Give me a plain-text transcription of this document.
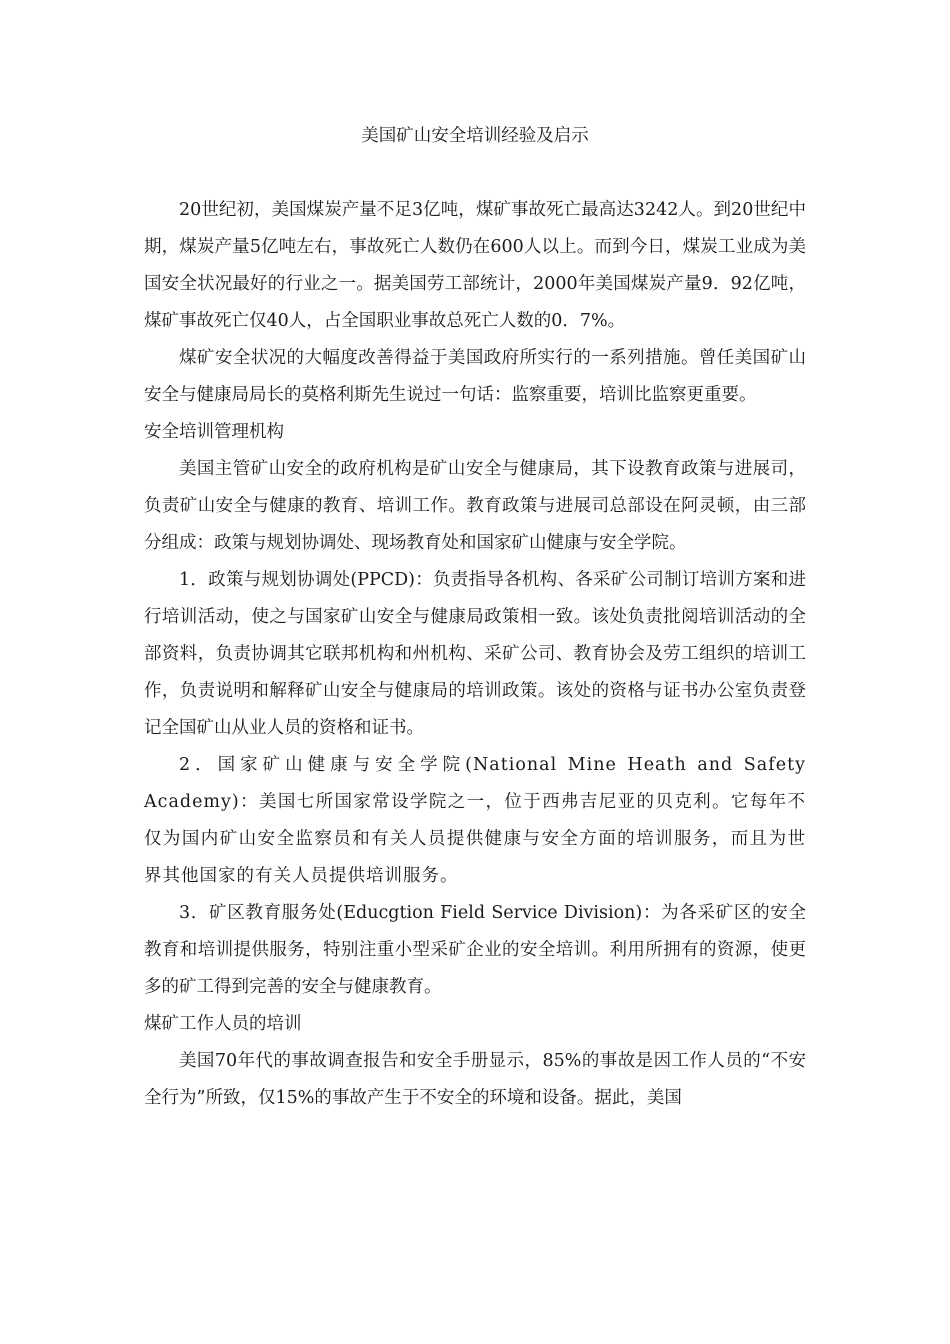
美国矿山安全培训经验及启示

20世纪初，美国煤炭产量不足3亿吨，煤矿事故死亡最高达3242人。到20世纪中期，煤炭产量5亿吨左右，事故死亡人数仍在600人以上。而到今日，煤炭工业成为美国安全状况最好的行业之一。据美国劳工部统计，2000年美国煤炭产量9．92亿吨，煤矿事故死亡仅40人，占全国职业事故总死亡人数的0．7%。

煤矿安全状况的大幅度改善得益于美国政府所实行的一系列措施。曾任美国矿山安全与健康局局长的莫格利斯先生说过一句话：监察重要，培训比监察更重要。

安全培训管理机构

美国主管矿山安全的政府机构是矿山安全与健康局，其下设教育政策与进展司，负责矿山安全与健康的教育、培训工作。教育政策与进展司总部设在阿灵顿，由三部分组成：政策与规划协调处、现场教育处和国家矿山健康与安全学院。

1．政策与规划协调处(PPCD)：负责指导各机构、各采矿公司制订培训方案和进行培训活动，使之与国家矿山安全与健康局政策相一致。该处负责批阅培训活动的全部资料，负责协调其它联邦机构和州机构、采矿公司、教育协会及劳工组织的培训工作，负责说明和解释矿山安全与健康局的培训政策。该处的资格与证书办公室负责登记全国矿山从业人员的资格和证书。

2．国家矿山健康与安全学院(National Mine Heath and Safety Academy)：美国七所国家常设学院之一，位于西弗吉尼亚的贝克利。它每年不仅为国内矿山安全监察员和有关人员提供健康与安全方面的培训服务，而且为世界其他国家的有关人员提供培训服务。

3．矿区教育服务处(Educgtion Field Service Division)：为各采矿区的安全教育和培训提供服务，特别注重小型采矿企业的安全培训。利用所拥有的资源，使更多的矿工得到完善的安全与健康教育。

煤矿工作人员的培训

美国70年代的事故调查报告和安全手册显示，85%的事故是因工作人员的“不安全行为”所致，仅15%的事故产生于不安全的环境和设备。据此，美国
